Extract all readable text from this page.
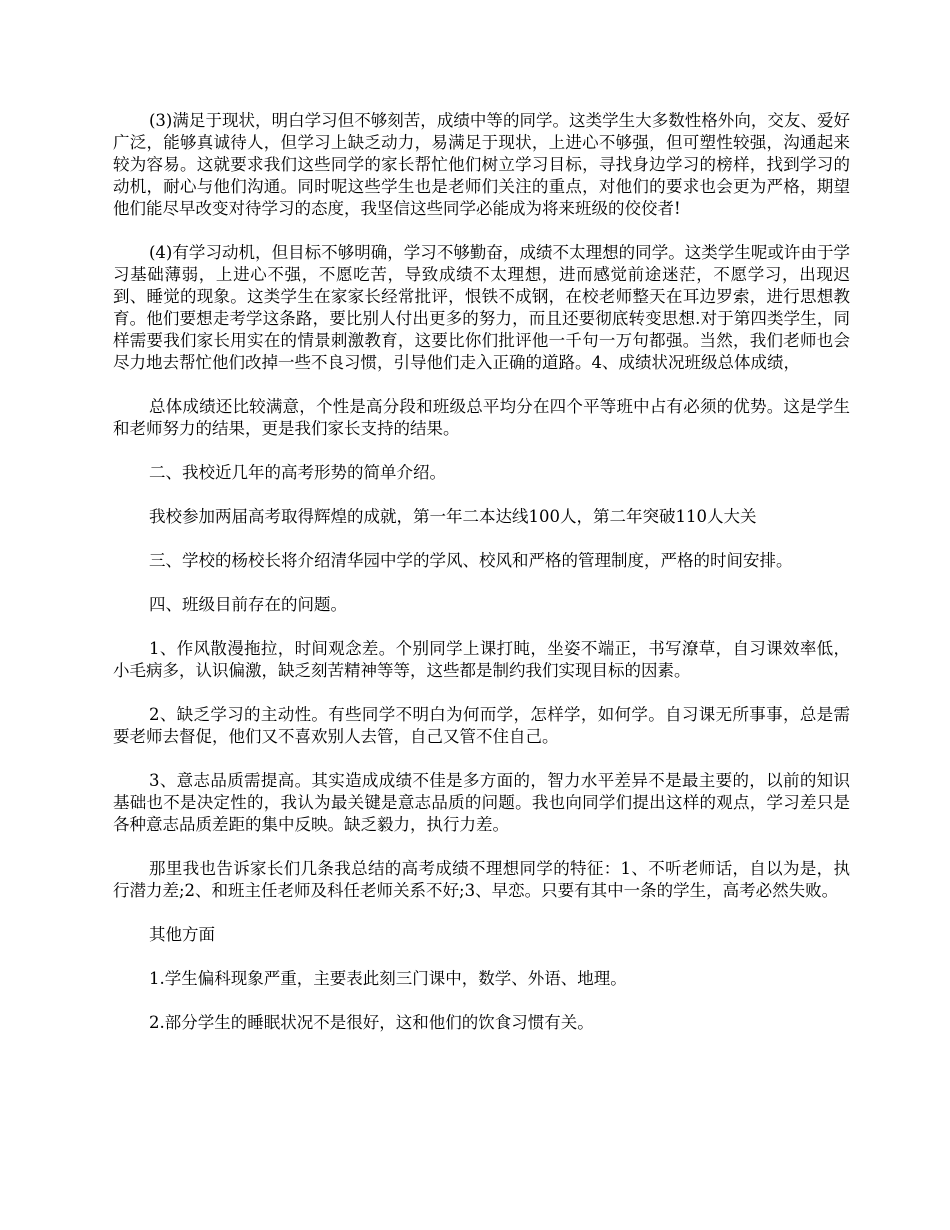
(3)满足于现状，明白学习但不够刻苦，成绩中等的同学。这类学生大多数性格外向，交友、爱好广泛，能够真诚待人，但学习上缺乏动力，易满足于现状，上进心不够强，但可塑性较强，沟通起来较为容易。这就要求我们这些同学的家长帮忙他们树立学习目标，寻找身边学习的榜样，找到学习的动机，耐心与他们沟通。同时呢这些学生也是老师们关注的重点，对他们的要求也会更为严格，期望他们能尽早改变对待学习的态度，我坚信这些同学必能成为将来班级的佼佼者!

(4)有学习动机，但目标不够明确，学习不够勤奋，成绩不太理想的同学。这类学生呢或许由于学习基础薄弱，上进心不强，不愿吃苦，导致成绩不太理想，进而感觉前途迷茫，不愿学习，出现迟到、睡觉的现象。这类学生在家家长经常批评，恨铁不成钢，在校老师整天在耳边罗索，进行思想教育。他们要想走考学这条路，要比别人付出更多的努力，而且还要彻底转变思想.对于第四类学生，同样需要我们家长用实在的情景刺激教育，这要比你们批评他一千句一万句都强。当然，我们老师也会尽力地去帮忙他们改掉一些不良习惯，引导他们走入正确的道路。4、成绩状况班级总体成绩，

总体成绩还比较满意，个性是高分段和班级总平均分在四个平等班中占有必须的优势。这是学生和老师努力的结果，更是我们家长支持的结果。

二、我校近几年的高考形势的简单介绍。

我校参加两届高考取得辉煌的成就，第一年二本达线100人，第二年突破110人大关

三、学校的杨校长将介绍清华园中学的学风、校风和严格的管理制度，严格的时间安排。

四、班级目前存在的问题。

1、作风散漫拖拉，时间观念差。个别同学上课打盹，坐姿不端正，书写潦草，自习课效率低，小毛病多，认识偏激，缺乏刻苦精神等等，这些都是制约我们实现目标的因素。

2、缺乏学习的主动性。有些同学不明白为何而学，怎样学，如何学。自习课无所事事，总是需要老师去督促，他们又不喜欢别人去管，自己又管不住自己。

3、意志品质需提高。其实造成成绩不佳是多方面的，智力水平差异不是最主要的，以前的知识基础也不是决定性的，我认为最关键是意志品质的问题。我也向同学们提出这样的观点，学习差只是各种意志品质差距的集中反映。缺乏毅力，执行力差。

那里我也告诉家长们几条我总结的高考成绩不理想同学的特征：1、不听老师话，自以为是，执行潜力差;2、和班主任老师及科任老师关系不好;3、早恋。只要有其中一条的学生，高考必然失败。

其他方面

1.学生偏科现象严重，主要表此刻三门课中，数学、外语、地理。

2.部分学生的睡眠状况不是很好，这和他们的饮食习惯有关。
